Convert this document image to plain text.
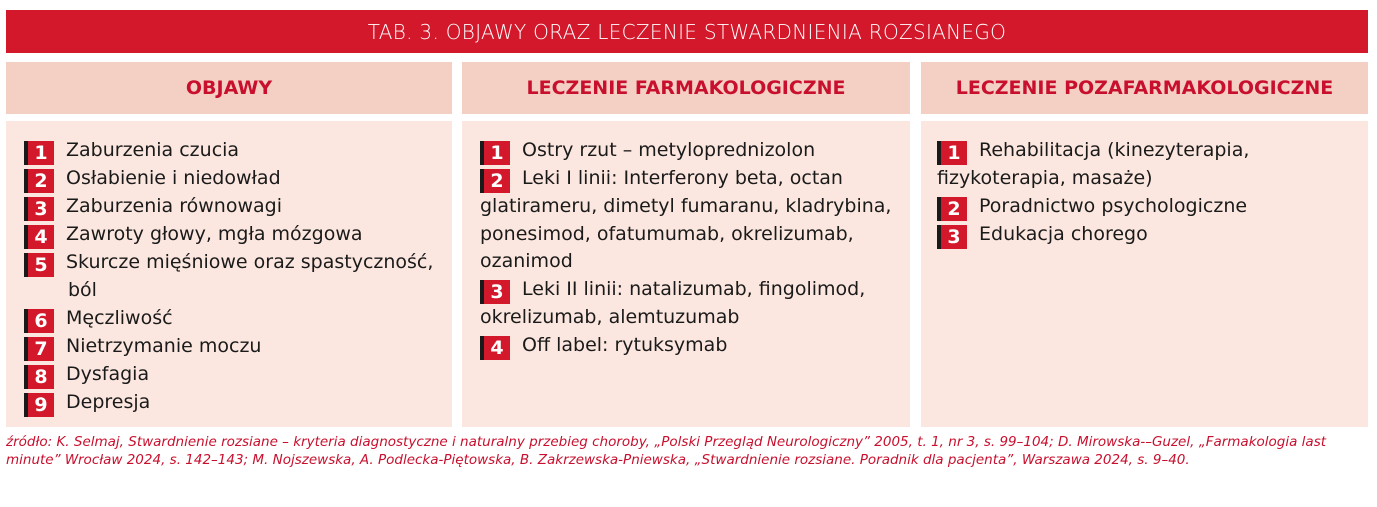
TAB. 3. OBJAWY ORAZ LECZENIE STWARDNIENIA ROZSIANEGO
OBJAWY	LECZENIE FARMAKOLOGICZNE	LECZENIE POZAFARMAKOLOGICZNE
1 Zaburzenia czucia
2 Osłabienie i niedowład
3 Zaburzenia równowagi
4 Zawroty głowy, mgła mózgowa
5 Skurcze mięśniowe oraz spastyczność, ból
6 Męczliwość
7 Nietrzymanie moczu
8 Dysfagia
9 Depresja
1 Ostry rzut – metyloprednizolon
2 Leki I linii: Interferony beta, octan glatirameru, dimetyl fumaranu, kladrybina, ponesimod, ofatumumab, okrelizumab, ozanimod
3 Leki II linii: natalizumab, fingolimod, okrelizumab, alemtuzumab
4 Off label: rytuksymab
1 Rehabilitacja (kinezyterapia, fizykoterapia, masaże)
2 Poradnictwo psychologiczne
3 Edukacja chorego
źródło: K. Selmaj, Stwardnienie rozsiane – kryteria diagnostyczne i naturalny przebieg choroby, „Polski Przegląd Neurologiczny” 2005, t. 1, nr 3, s. 99–104; D. Mirowska-–Guzel, „Farmakologia last minute” Wrocław 2024, s. 142–143; M. Nojszewska, A. Podlecka-Piętowska, B. Zakrzewska-Pniewska, „Stwardnienie rozsiane. Poradnik dla pacjenta”, Warszawa 2024, s. 9–40.
